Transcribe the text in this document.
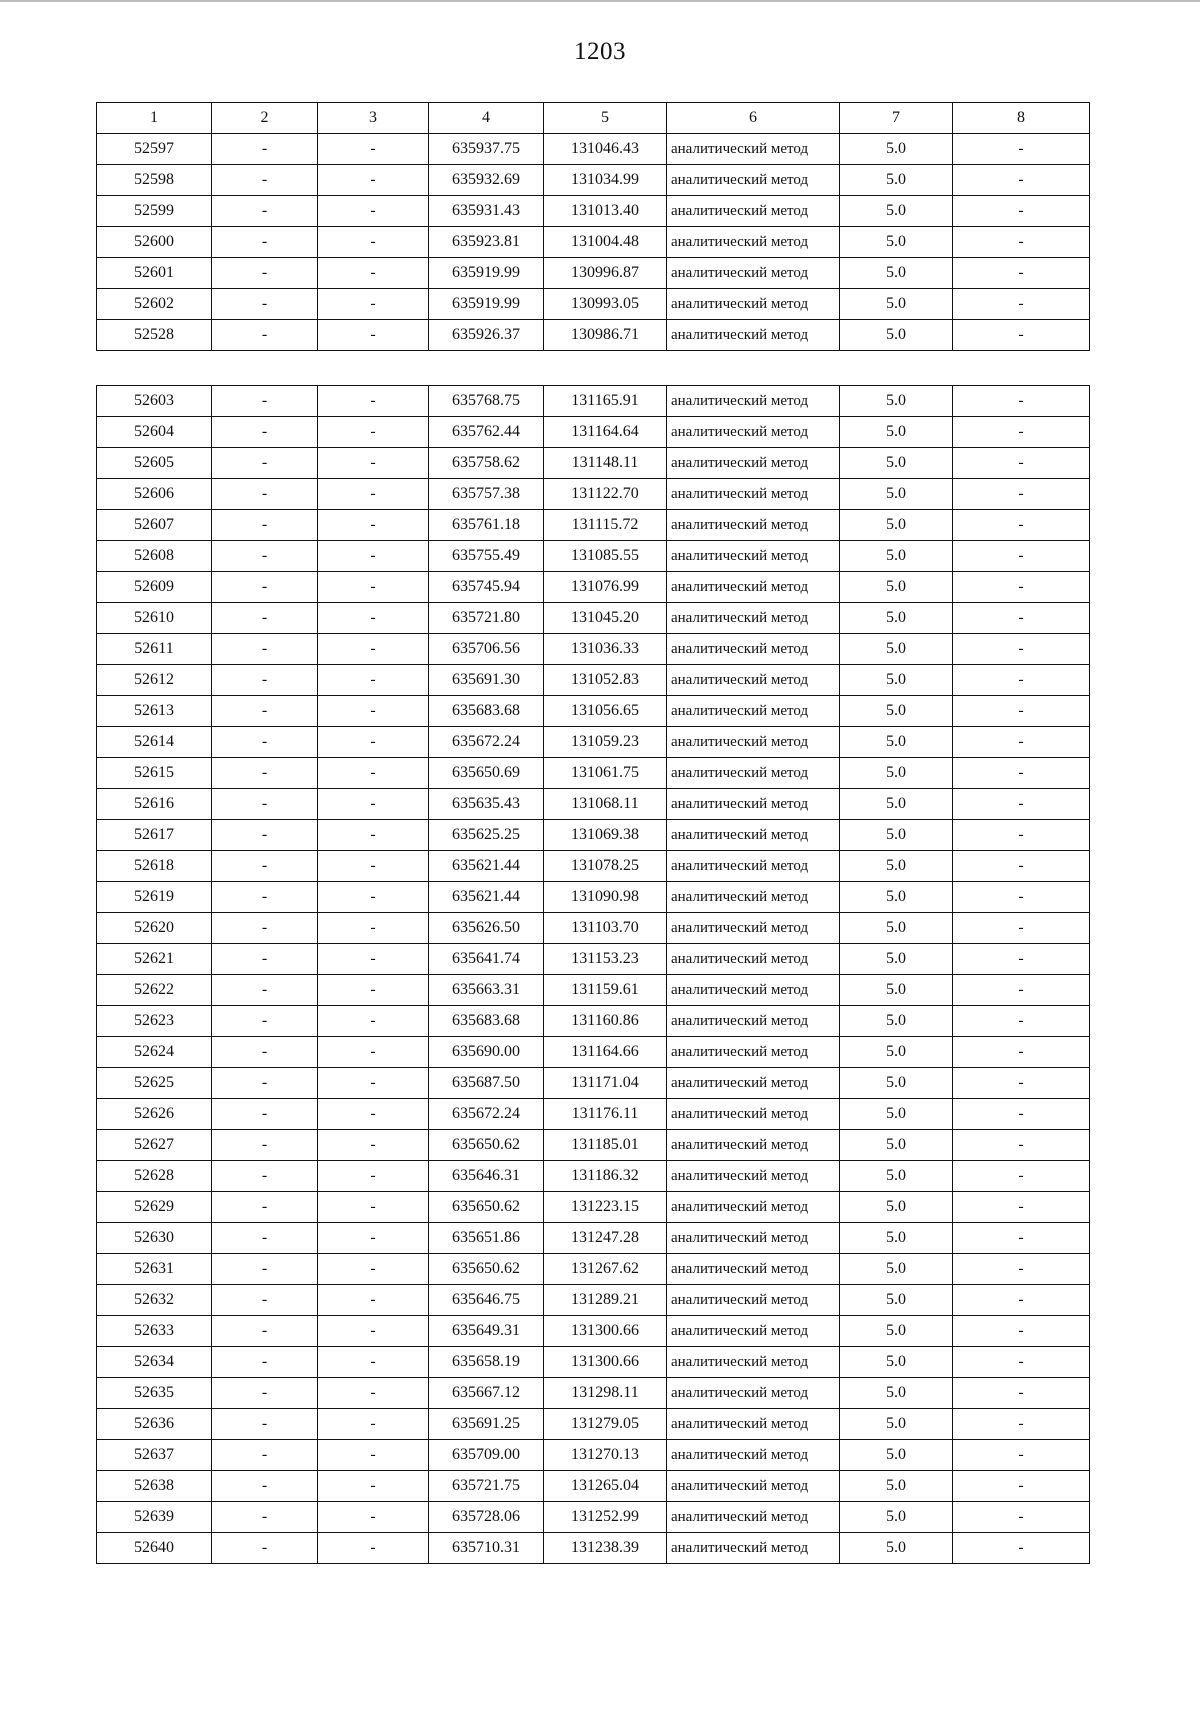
1203
1	2	3	4	5	6	7	8
52597	-	-	635937.75	131046.43	аналитический метод	5.0	-
52598	-	-	635932.69	131034.99	аналитический метод	5.0	-
52599	-	-	635931.43	131013.40	аналитический метод	5.0	-
52600	-	-	635923.81	131004.48	аналитический метод	5.0	-
52601	-	-	635919.99	130996.87	аналитический метод	5.0	-
52602	-	-	635919.99	130993.05	аналитический метод	5.0	-
52528	-	-	635926.37	130986.71	аналитический метод	5.0	-
52603	-	-	635768.75	131165.91	аналитический метод	5.0	-
52604	-	-	635762.44	131164.64	аналитический метод	5.0	-
52605	-	-	635758.62	131148.11	аналитический метод	5.0	-
52606	-	-	635757.38	131122.70	аналитический метод	5.0	-
52607	-	-	635761.18	131115.72	аналитический метод	5.0	-
52608	-	-	635755.49	131085.55	аналитический метод	5.0	-
52609	-	-	635745.94	131076.99	аналитический метод	5.0	-
52610	-	-	635721.80	131045.20	аналитический метод	5.0	-
52611	-	-	635706.56	131036.33	аналитический метод	5.0	-
52612	-	-	635691.30	131052.83	аналитический метод	5.0	-
52613	-	-	635683.68	131056.65	аналитический метод	5.0	-
52614	-	-	635672.24	131059.23	аналитический метод	5.0	-
52615	-	-	635650.69	131061.75	аналитический метод	5.0	-
52616	-	-	635635.43	131068.11	аналитический метод	5.0	-
52617	-	-	635625.25	131069.38	аналитический метод	5.0	-
52618	-	-	635621.44	131078.25	аналитический метод	5.0	-
52619	-	-	635621.44	131090.98	аналитический метод	5.0	-
52620	-	-	635626.50	131103.70	аналитический метод	5.0	-
52621	-	-	635641.74	131153.23	аналитический метод	5.0	-
52622	-	-	635663.31	131159.61	аналитический метод	5.0	-
52623	-	-	635683.68	131160.86	аналитический метод	5.0	-
52624	-	-	635690.00	131164.66	аналитический метод	5.0	-
52625	-	-	635687.50	131171.04	аналитический метод	5.0	-
52626	-	-	635672.24	131176.11	аналитический метод	5.0	-
52627	-	-	635650.62	131185.01	аналитический метод	5.0	-
52628	-	-	635646.31	131186.32	аналитический метод	5.0	-
52629	-	-	635650.62	131223.15	аналитический метод	5.0	-
52630	-	-	635651.86	131247.28	аналитический метод	5.0	-
52631	-	-	635650.62	131267.62	аналитический метод	5.0	-
52632	-	-	635646.75	131289.21	аналитический метод	5.0	-
52633	-	-	635649.31	131300.66	аналитический метод	5.0	-
52634	-	-	635658.19	131300.66	аналитический метод	5.0	-
52635	-	-	635667.12	131298.11	аналитический метод	5.0	-
52636	-	-	635691.25	131279.05	аналитический метод	5.0	-
52637	-	-	635709.00	131270.13	аналитический метод	5.0	-
52638	-	-	635721.75	131265.04	аналитический метод	5.0	-
52639	-	-	635728.06	131252.99	аналитический метод	5.0	-
52640	-	-	635710.31	131238.39	аналитический метод	5.0	-
